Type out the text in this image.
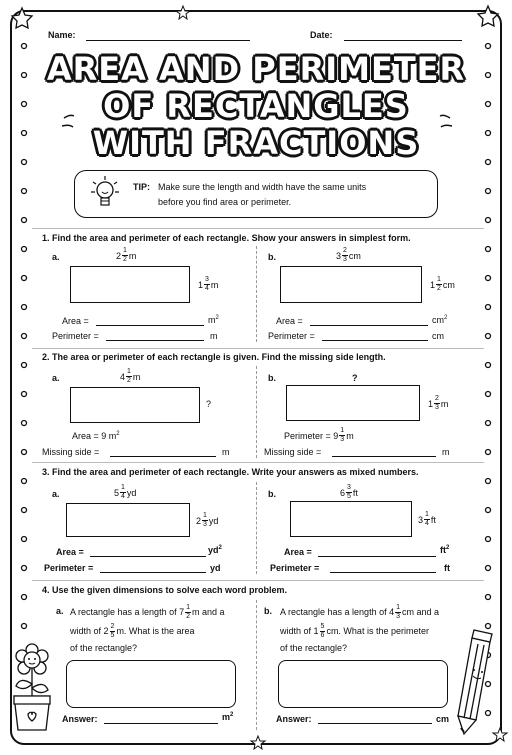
Name:	Date:
AREA AND PERIMETER
OF RECTANGLES
WITH FRACTIONS
TIP: Make sure the length and width have the same units
before you find area or perimeter.
1. Find the area and perimeter of each rectangle. Show your answers in simplest form.
a.	$2 \frac{1}{2}$ m
$1 \frac{3}{4}$ m
Area =	$m^2$
Perimeter =	m
b.	$3 \frac{2}{3}$ cm
$1 \frac{1}{2}$ cm
Area =	$cm^2$
Perimeter =	cm
2. The area or perimeter of each rectangle is given. Find the missing side length.
a.	$4 \frac{1}{2}$ m
?
Area = 9 $m^2$
Missing side =	m
b.	?
$1 \frac{2}{3}$ m
Perimeter = $9 \frac{1}{3}$ m
Missing side =	m
3. Find the area and perimeter of each rectangle. Write your answers as mixed numbers.
a.	$5 \frac{1}{4}$ yd
$2 \frac{1}{3}$ yd
Area =	$yd^2$
Perimeter =	yd
b.	$6 \frac{3}{5}$ ft
$3 \frac{1}{4}$ ft
Area =	$ft^2$
Perimeter =	ft
4. Use the given dimensions to solve each word problem.
a. A rectangle has a length of $7 \frac{1}{2}$ m and a
width of $2 \frac{2}{5} m$. What is the area
of the rectangle?
Answer:	$m^2$
b. A rectangle has a length of $4 \frac{1}{3}$ cm and a
width of $1 \frac{5}{6}$ cm. What is the perimeter
of the rectangle?
Answer:	cm
